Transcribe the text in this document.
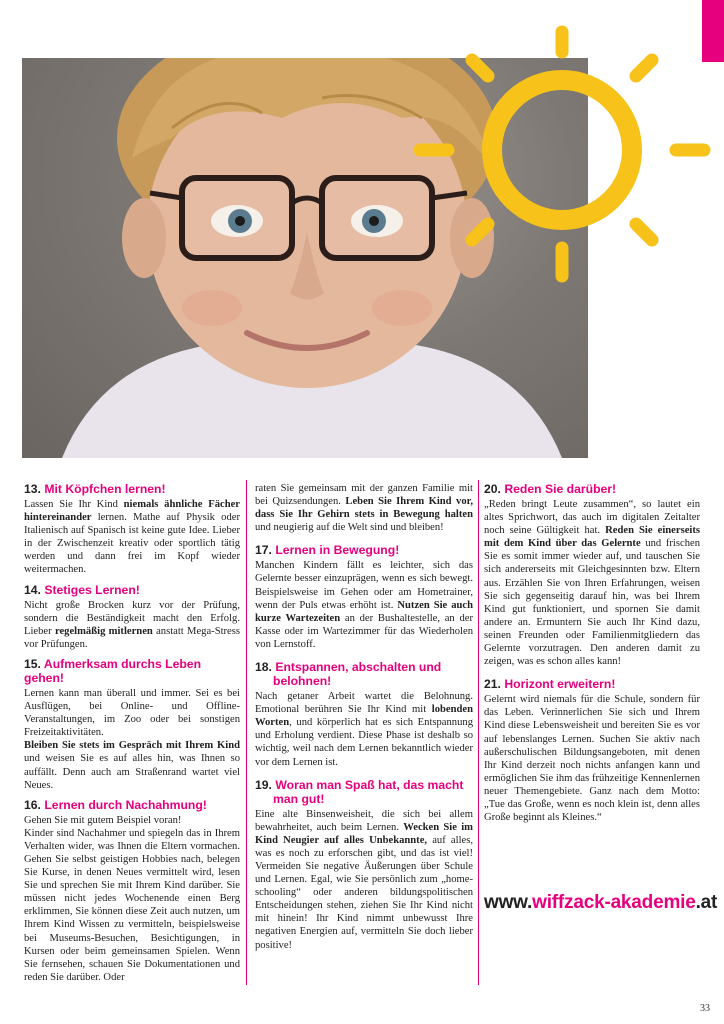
13. Mit Köpfchen lernen!

Lassen Sie Ihr Kind niemals ähnliche Fächer hintereinander lernen. Mathe auf Physik oder Italienisch auf Spanisch ist keine gute Idee. Lieber in der Zwischenzeit kreativ oder sportlich tätig werden und dann frei im Kopf wieder weitermachen.

14. Stetiges Lernen!

Nicht große Brocken kurz vor der Prüfung, sondern die Beständigkeit macht den Erfolg. Lieber regelmäßig mitlernen anstatt Mega-Stress vor Prüfungen.

15. Aufmerksam durchs Leben gehen!

Lernen kann man überall und immer. Sei es bei Ausflügen, bei Online- und Offline-Veranstaltungen, im Zoo oder bei sonstigen Freizeitaktivitäten.

Bleiben Sie stets im Gespräch mit Ihrem Kind und weisen Sie es auf alles hin, was Ihnen so auffällt. Denn auch am Straßenrand wartet viel Neues.

16. Lernen durch Nachahmung!

Gehen Sie mit gutem Beispiel voran!

Kinder sind Nachahmer und spiegeln das in Ihrem Verhalten wider, was Ihnen die Eltern vormachen. Gehen Sie selbst geistigen Hobbies nach, belegen Sie Kurse, in denen Neues vermittelt wird, lesen Sie und sprechen Sie mit Ihrem Kind darüber. Sie müssen nicht jedes Wochenende einen Berg erklimmen, Sie können diese Zeit auch nutzen, um Ihrem Kind Wissen zu vermitteln, beispielsweise bei Museums-Besuchen, Besichtigungen, in Kursen oder beim gemeinsamen Spielen. Wenn Sie fernsehen, schauen Sie Dokumentationen und reden Sie darüber. Oder

raten Sie gemeinsam mit der ganzen Familie mit bei Quizsendungen. Leben Sie Ihrem Kind vor, dass Sie Ihr Gehirn stets in Bewegung halten und neugierig auf die Welt sind und bleiben!

17. Lernen in Bewegung!

Manchen Kindern fällt es leichter, sich das Gelernte besser einzuprägen, wenn es sich bewegt. Beispielsweise im Gehen oder am Hometrainer, wenn der Puls etwas erhöht ist. Nutzen Sie auch kurze Wartezeiten an der Bushaltestelle, an der Kasse oder im Wartezimmer für das Wiederholen von Lernstoff.

18. Entspannen, abschalten und
belohnen!

Nach getaner Arbeit wartet die Belohnung. Emotional berühren Sie Ihr Kind mit lobenden Worten, und körperlich hat es sich Entspannung und Erholung verdient. Diese Phase ist deshalb so wichtig, weil nach dem Lernen bekanntlich wieder vor dem Lernen ist.

19. Woran man Spaß hat, das macht
man gut!

Eine alte Binsenweisheit, die sich bei allem bewahrheitet, auch beim Lernen. Wecken Sie im Kind Neugier auf alles Unbekannte, auf alles, was es noch zu erforschen gibt, und das ist viel! Vermeiden Sie negative Äußerungen über Schule und Lernen. Egal, wie Sie persönlich zum „home-schooling“ oder anderen bildungspolitischen Entscheidungen stehen, ziehen Sie Ihr Kind nicht mit hinein! Ihr Kind nimmt unbewusst Ihre negativen Energien auf, vermitteln Sie doch lieber positive!

20. Reden Sie darüber!

„Reden bringt Leute zusammen“, so lautet ein altes Sprichwort, das auch im digitalen Zeitalter noch seine Gültigkeit hat. Reden Sie einerseits mit dem Kind über das Gelernte und frischen Sie es somit immer wieder auf, und tauschen Sie sich andererseits mit Gleichgesinnten bzw. Eltern aus. Erzählen Sie von Ihren Erfahrungen, weisen Sie sich gegenseitig darauf hin, was bei Ihrem Kind gut funktioniert, und spornen Sie damit andere an. Ermuntern Sie auch Ihr Kind dazu, seinen Freunden oder Familienmitgliedern das Gelernte vorzutragen. Den anderen damit zu zeigen, was es schon alles kann!

21. Horizont erweitern!

Gelernt wird niemals für die Schule, sondern für das Leben. Verinnerlichen Sie sich und Ihrem Kind diese Lebensweisheit und bereiten Sie es vor auf lebenslanges Lernen. Suchen Sie aktiv nach außerschulischen Bildungsangeboten, mit denen Ihr Kind derzeit noch nichts anfangen kann und ermöglichen Sie ihm das frühzeitige Kennenlernen neuer Themengebiete. Ganz nach dem Motto: „Tue das Große, wenn es noch klein ist, denn alles Große beginnt als Kleines.“

www.wiffzack-akademie.at
33
